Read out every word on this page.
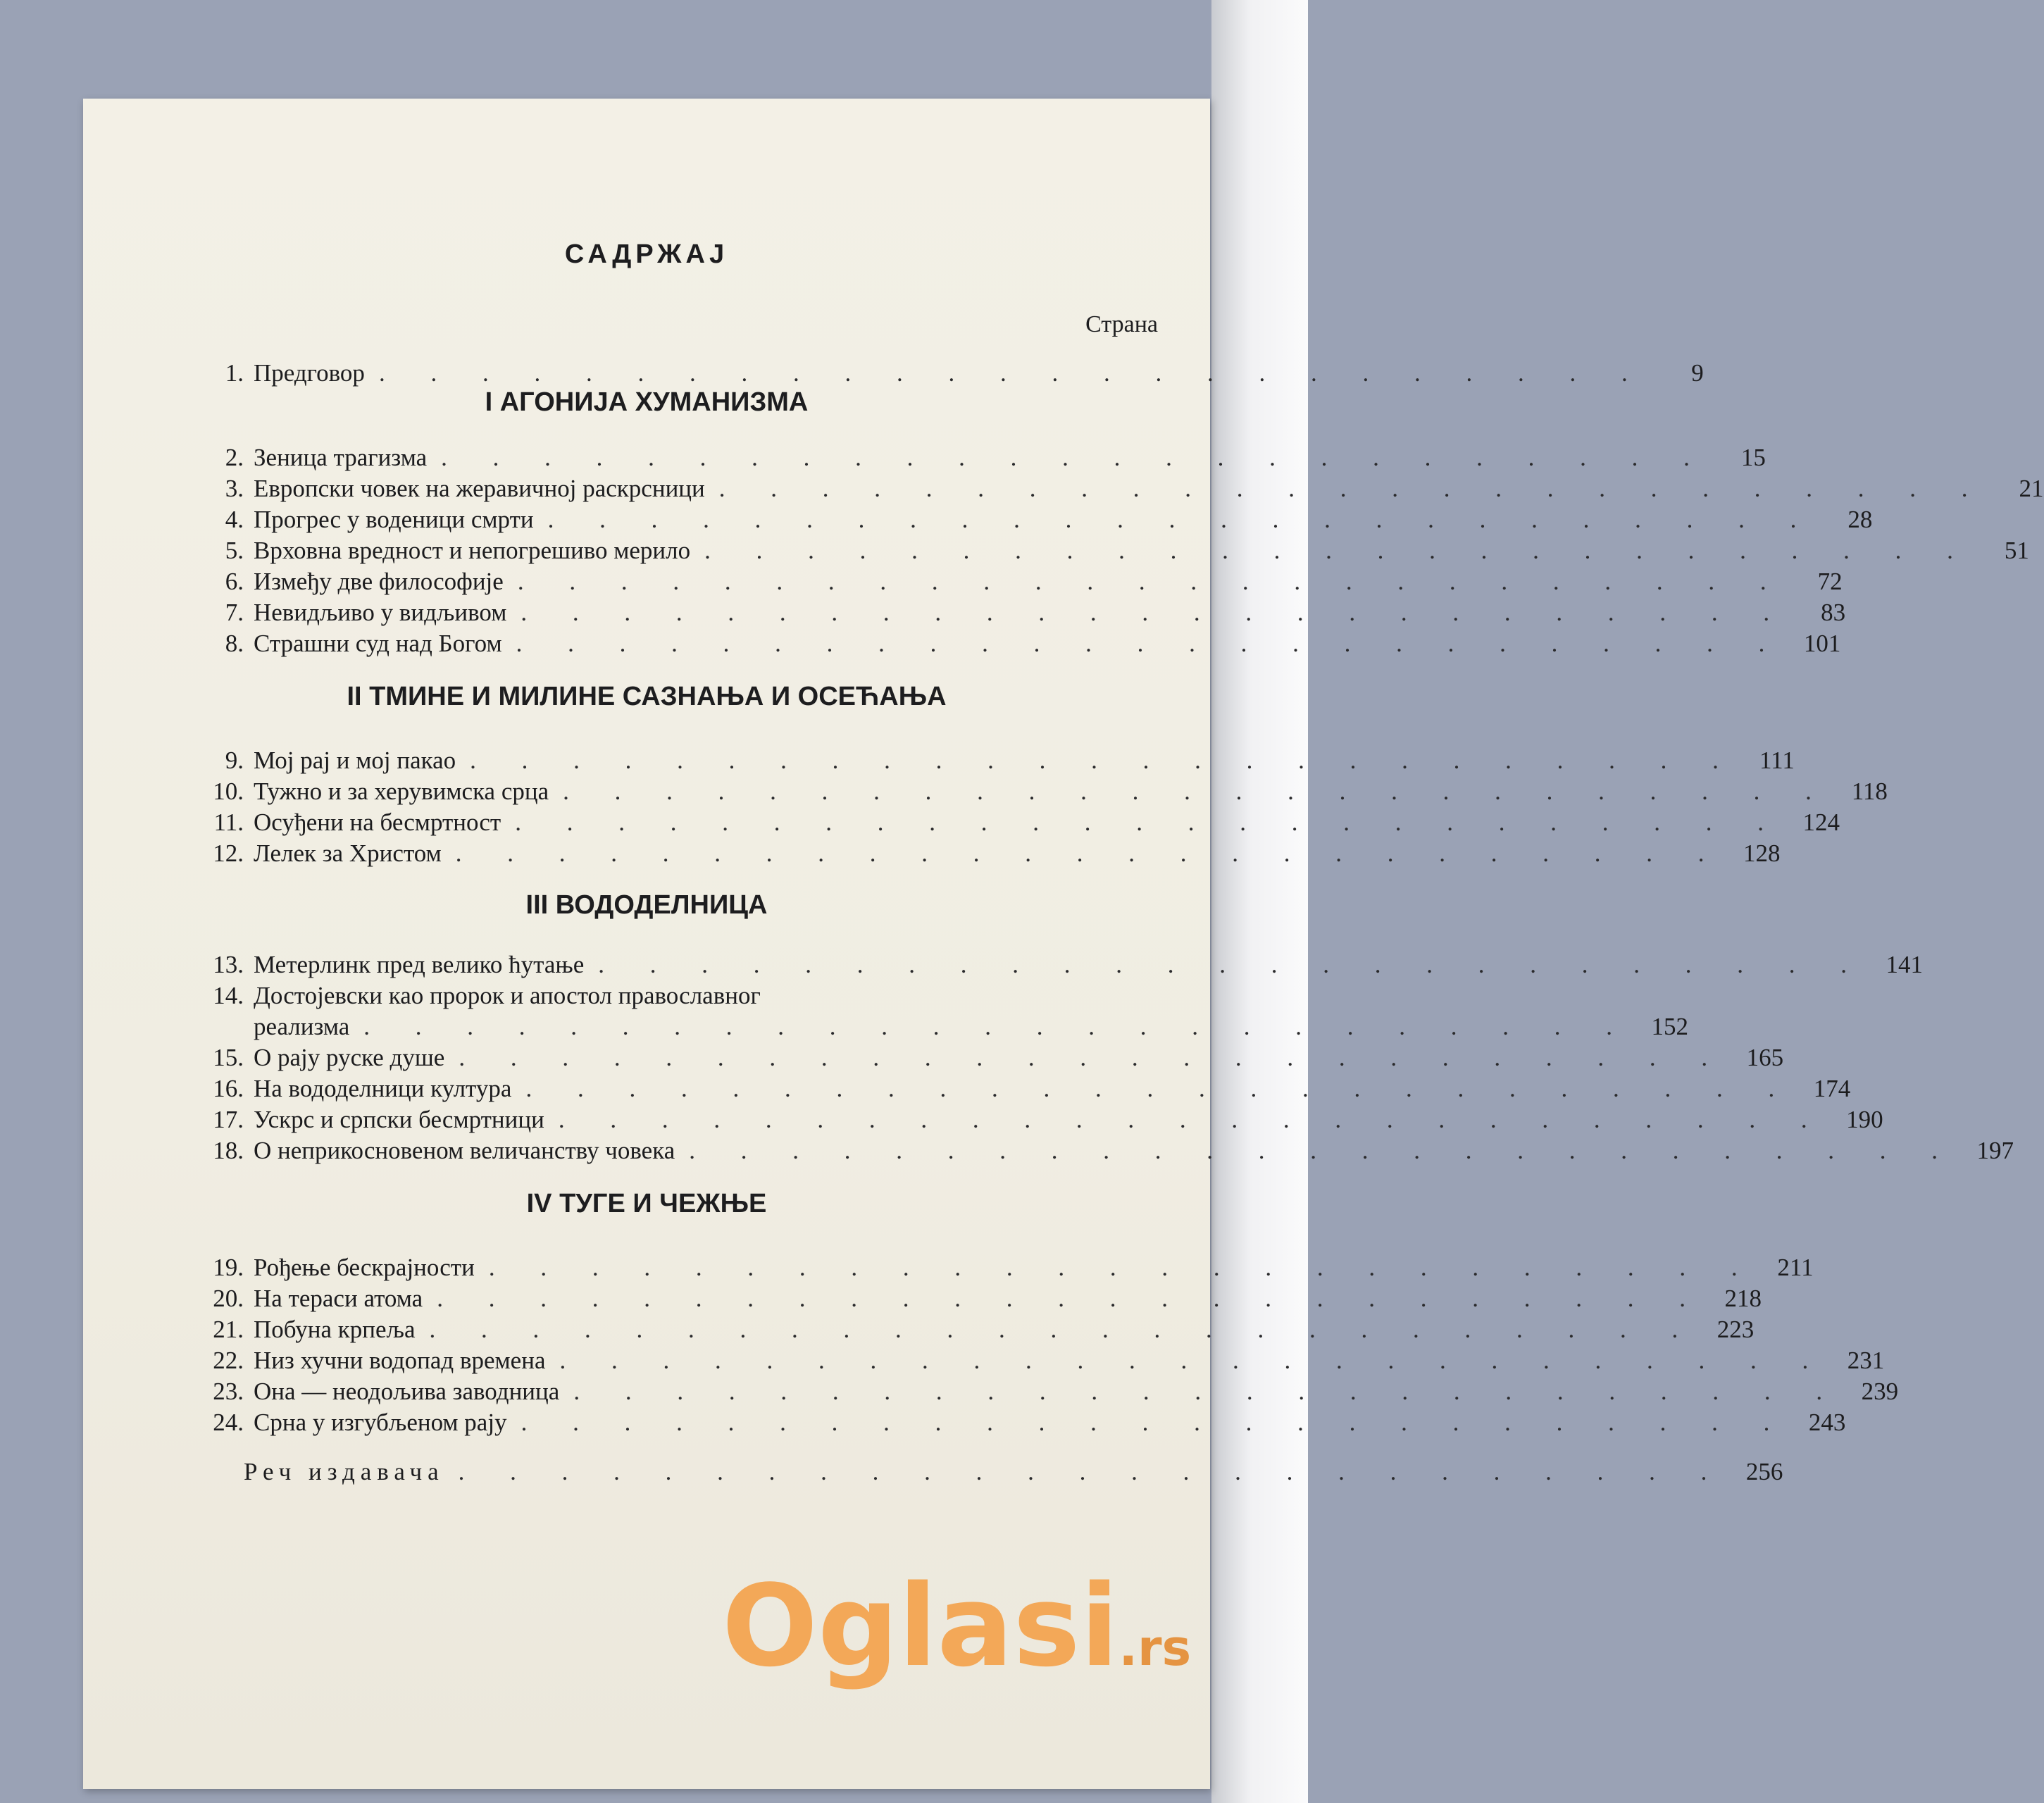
САДРЖАЈ
Страна
1. Предговор . . . . . . . . . . . . . . . . . . . . . . . . .	9
I АГОНИЈА ХУМАНИЗМА
2. Зеница трагизма . . . . . . . . . . . . . . . . . . . . . . . . .	15
3. Европски човек на жеравичној раскрсници . . . . . . . . . . . . . . . . . . . . . . . . .	21
4. Прогрес у воденици смрти . . . . . . . . . . . . . . . . . . . . . . . . .	28
5. Врховна вредност и непогрешиво мерило . . . . . . . . . . . . . . . . . . . . . . . . .	51
6. Између две философије . . . . . . . . . . . . . . . . . . . . . . . . .	72
7. Невидљиво у видљивом . . . . . . . . . . . . . . . . . . . . . . . . .	83
8. Страшни суд над Богом . . . . . . . . . . . . . . . . . . . . . . . . . 101
II ТМИНЕ И МИЛИНЕ САЗНАЊА И ОСЕЋАЊА
9. Мој рај и мој пакао . . . . . . . . . . . . . . . . . . . . . . . . . 111
10. Тужно и за херувимска срца . . . . . . . . . . . . . . . . . . . . . . . . . 118
11. Осуђени на бесмртност . . . . . . . . . . . . . . . . . . . . . . . . . 124
12. Лелек за Христом . . . . . . . . . . . . . . . . . . . . . . . . . 128
III ВОДОДЕЛНИЦА
13. Метерлинк пред велико ћутање . . . . . . . . . . . . . . . . . . . . . . . . . 141
14. Достојевски као пророк и апостол православног
реализма . . . . . . . . . . . . . . . . . . . . . . . . . 152
15. О рају руске душе . . . . . . . . . . . . . . . . . . . . . . . . . 165
16. На вододелници култура . . . . . . . . . . . . . . . . . . . . . . . . . 174
17. Ускрс и српски бесмртници . . . . . . . . . . . . . . . . . . . . . . . . . 190
18. О неприкосновеном величанству човека . . . . . . . . . . . . . . . . . . . . . . . . . 197
IV ТУГЕ И ЧЕЖЊЕ
19. Рођење бескрајности . . . . . . . . . . . . . . . . . . . . . . . . . 211
20. На тераси атома . . . . . . . . . . . . . . . . . . . . . . . . . 218
21. Побуна крпеља . . . . . . . . . . . . . . . . . . . . . . . . . 223
22. Низ хучни водопад времена . . . . . . . . . . . . . . . . . . . . . . . . . 231
23. Она — неодољива заводница . . . . . . . . . . . . . . . . . . . . . . . . . 239
24. Срна у изгубљеном рају . . . . . . . . . . . . . . . . . . . . . . . . . 243
Реч издавача . . . . . . . . . . . . . . . . . . . . . . . . . 256
Oglasi.rs
